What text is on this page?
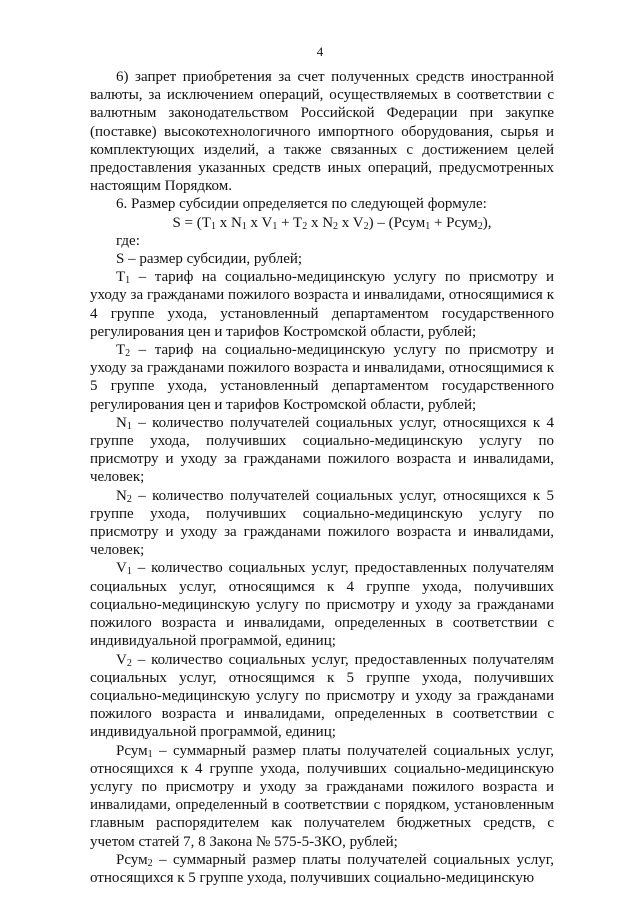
4

6) запрет приобретения за счет полученных средств иностранной валюты, за исключением операций, осуществляемых в соответствии с валютным законодательством Российской Федерации при закупке (поставке) высокотехнологичного импортного оборудования, сырья и комплектующих изделий, а также связанных с достижением целей предоставления указанных средств иных операций, предусмотренных настоящим Порядком.

6. Размер субсидии определяется по следующей формуле:

$S = (T_1$ x $N_1$ x $V_1 + T_2$ x $N_2$ x $V_2$) – (Pсум$_1$ + Pсум$_2$),

где:

S – размер субсидии, рублей;

$T_1$ – тариф на социально-медицинскую услугу по присмотру и уходу за гражданами пожилого возраста и инвалидами, относящимися к 4 группе ухода, установленный департаментом государственного регулирования цен и тарифов Костромской области, рублей;

$T_2$ – тариф на социально-медицинскую услугу по присмотру и уходу за гражданами пожилого возраста и инвалидами, относящимися к 5 группе ухода, установленный департаментом государственного регулирования цен и тарифов Костромской области, рублей;

$N_1$ – количество получателей социальных услуг, относящихся к 4 группе ухода, получивших социально-медицинскую услугу по присмотру и уходу за гражданами пожилого возраста и инвалидами, человек;

$N_2$ – количество получателей социальных услуг, относящихся к 5 группе ухода, получивших социально-медицинскую услугу по присмотру и уходу за гражданами пожилого возраста и инвалидами, человек;

$V_1$ – количество социальных услуг, предоставленных получателям социальных услуг, относящимся к 4 группе ухода, получивших социально-медицинскую услугу по присмотру и уходу за гражданами пожилого возраста и инвалидами, определенных в соответствии с индивидуальной программой, единиц;

$V_2$ – количество социальных услуг, предоставленных получателям социальных услуг, относящимся к 5 группе ухода, получивших социально-медицинскую услугу по присмотру и уходу за гражданами пожилого возраста и инвалидами, определенных в соответствии с индивидуальной программой, единиц;

Pсум$_1$ – суммарный размер платы получателей социальных услуг, относящихся к 4 группе ухода, получивших социально-медицинскую услугу по присмотру и уходу за гражданами пожилого возраста и инвалидами, определенный в соответствии с порядком, установленным главным распорядителем как получателем бюджетных средств, с учетом статей 7, 8 Закона № 575-5-ЗКО, рублей;

Pсум$_2$ – суммарный размер платы получателей социальных услуг, относящихся к 5 группе ухода, получивших социально-медицинскую
